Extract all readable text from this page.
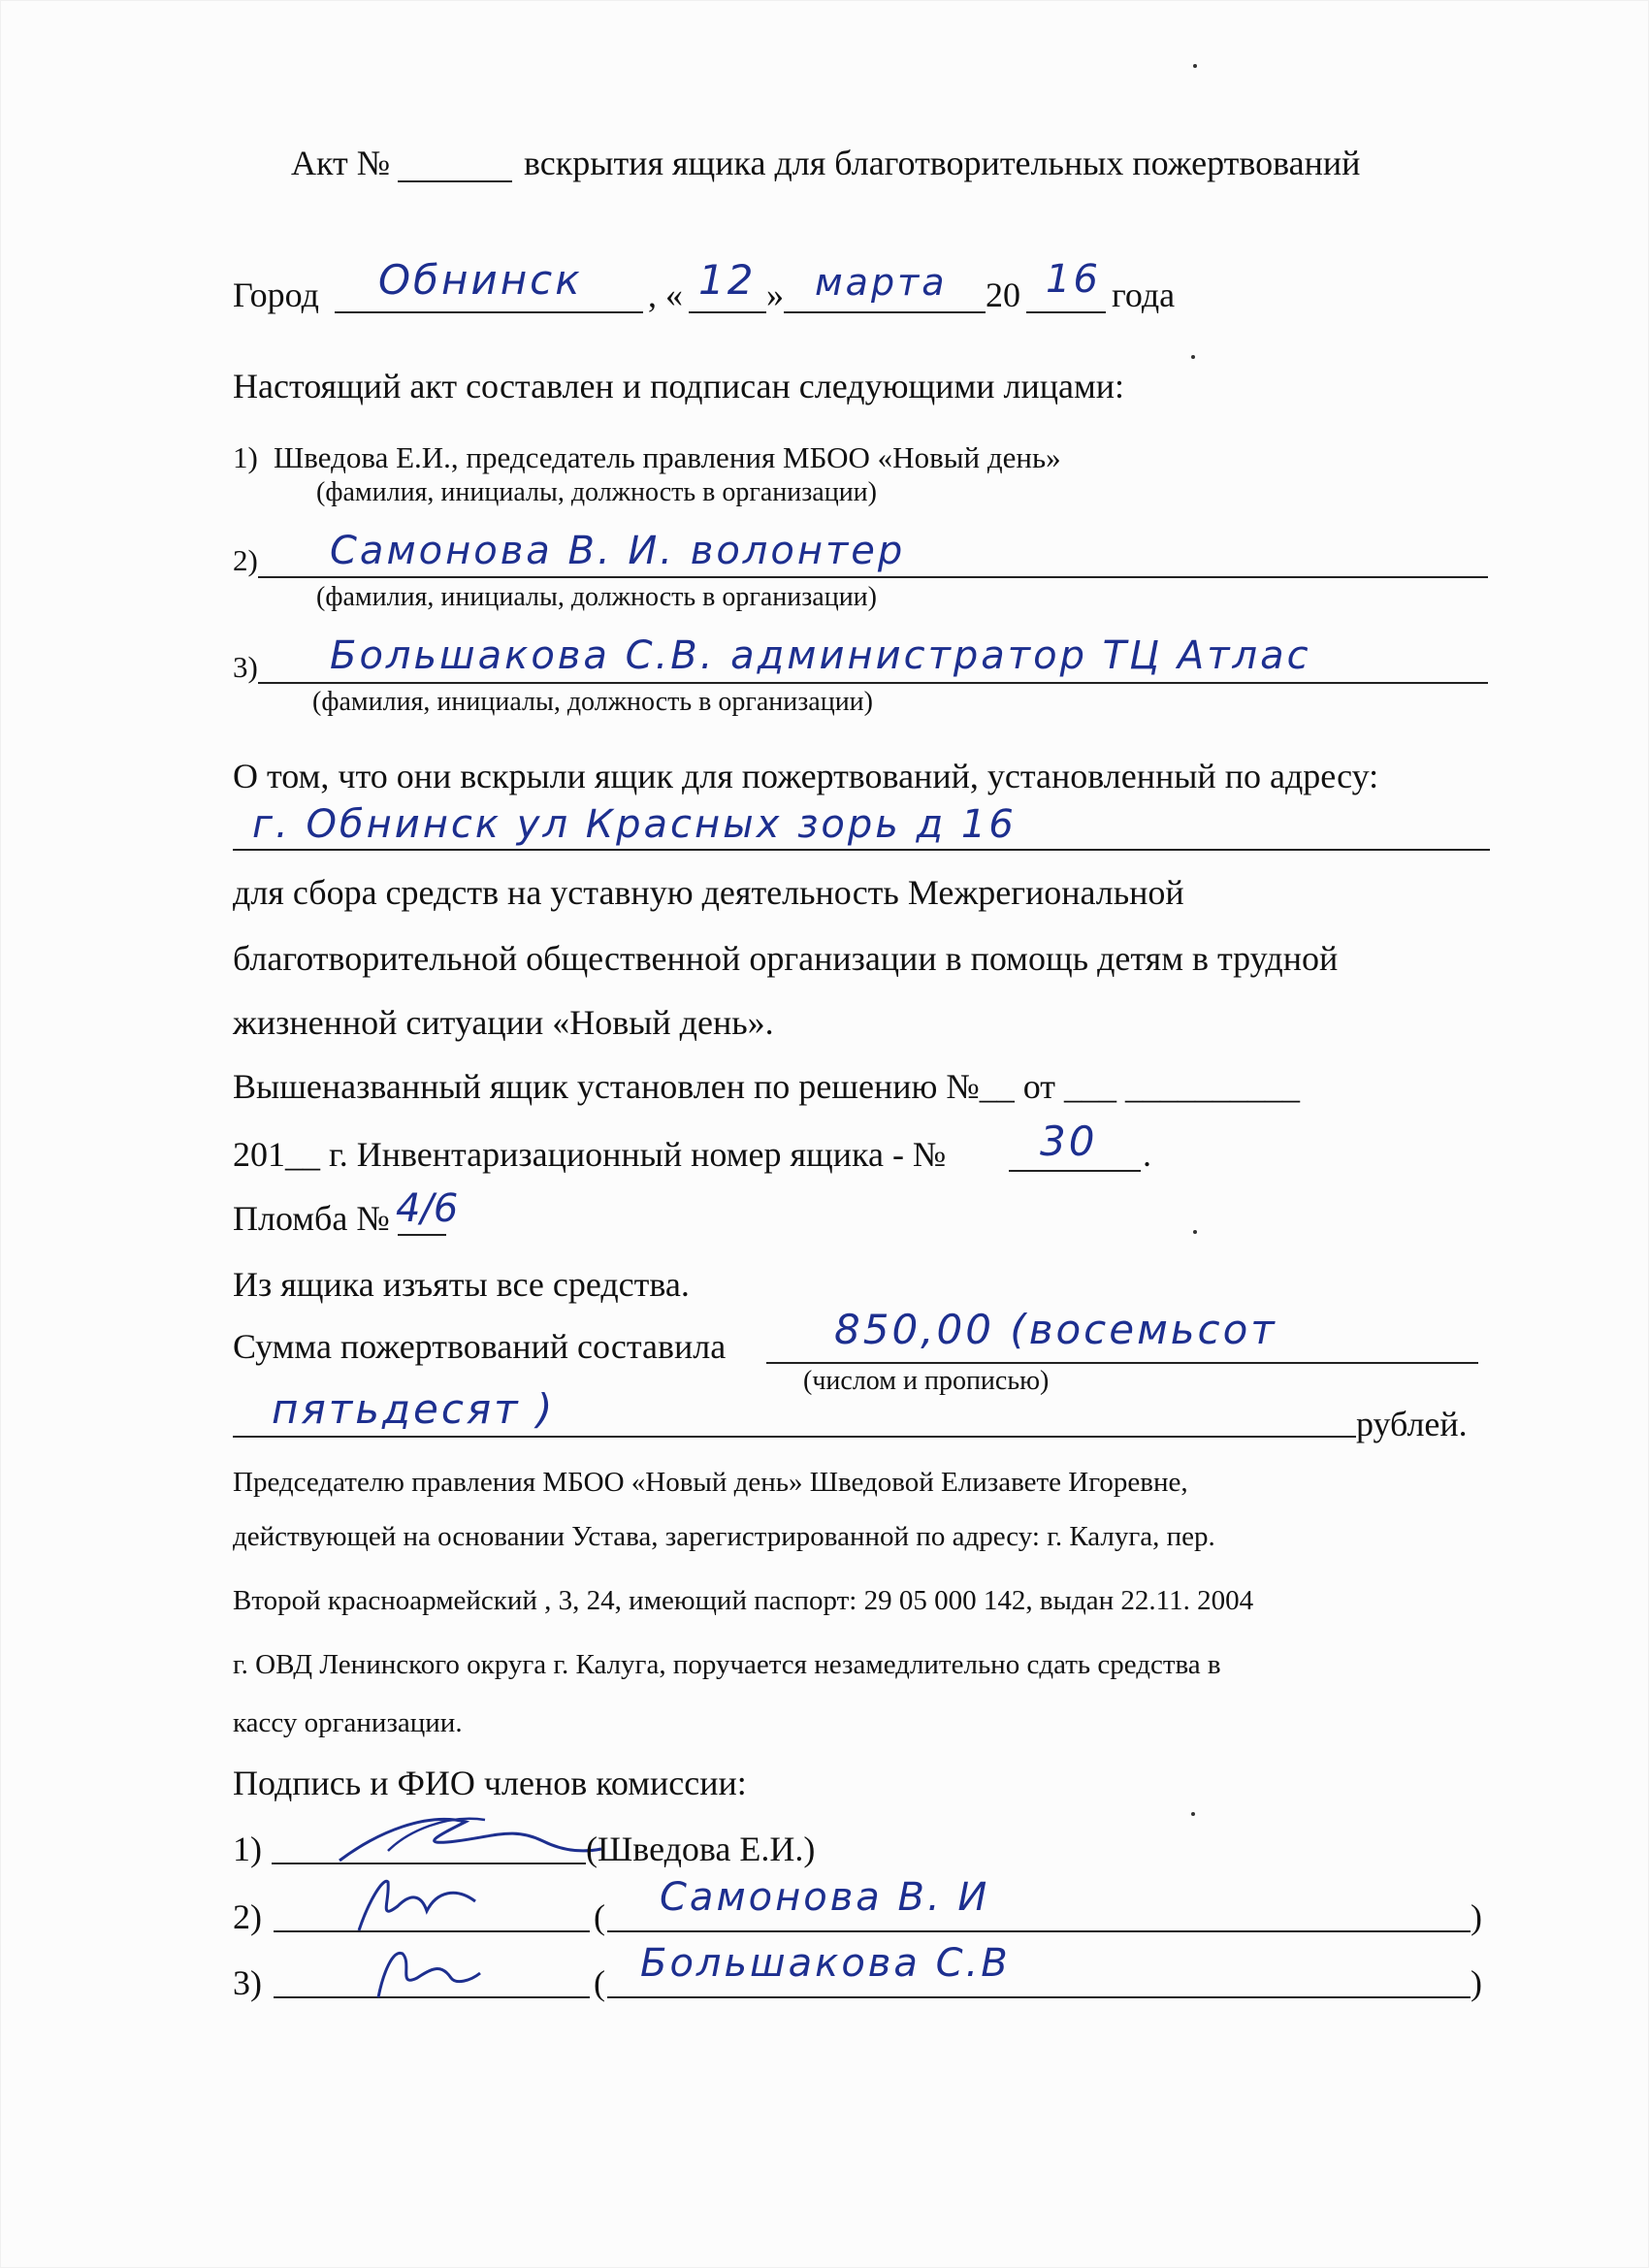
Акт №	вскрытия ящика для благотворительных пожертвований
Город Обнинск , « 12 » марта 20 16 года
Настоящий акт составлен и подписан следующими лицами:
1) Шведова Е.И., председатель правления МБОО «Новый день»
(фамилия, инициалы, должность в организации)
2) Самонова В. И. волонтер
(фамилия, инициалы, должность в организации)
3) Большакова С.В. администратор ТЦ Атлас
(фамилия, инициалы, должность в организации)
О том, что они вскрыли ящик для пожертвований, установленный по адресу:
г. Обнинск ул Красных зорь д 16
для сбора средств на уставную деятельность Межрегиональной
благотворительной общественной организации в помощь детям в трудной
жизненной ситуации «Новый день».
Вышеназванный ящик установлен по решению №__ от ___ __________
201__ г. Инвентаризационный номер ящика - № 30 .
Пломба № 4/6
Из ящика изъяты все средства.
Сумма пожертвований составила	850,00 (восемьсот
(числом и прописью)
пятьдесят )	рублей.
Председателю правления МБОО «Новый день» Шведовой Елизавете Игоревне,
действующей на основании Устава, зарегистрированной по адресу: г. Калуга, пер.
Второй красноармейский , 3, 24, имеющий паспорт: 29 05 000 142, выдан 22.11. 2004
г. ОВД Ленинского округа г. Калуга, поручается незамедлительно сдать средства в
кассу организации.
Подпись и ФИО членов комиссии:
1)	(Шведова Е.И.)
2)	( Самонова В. И	)
3)	( Большакова С.В	)
